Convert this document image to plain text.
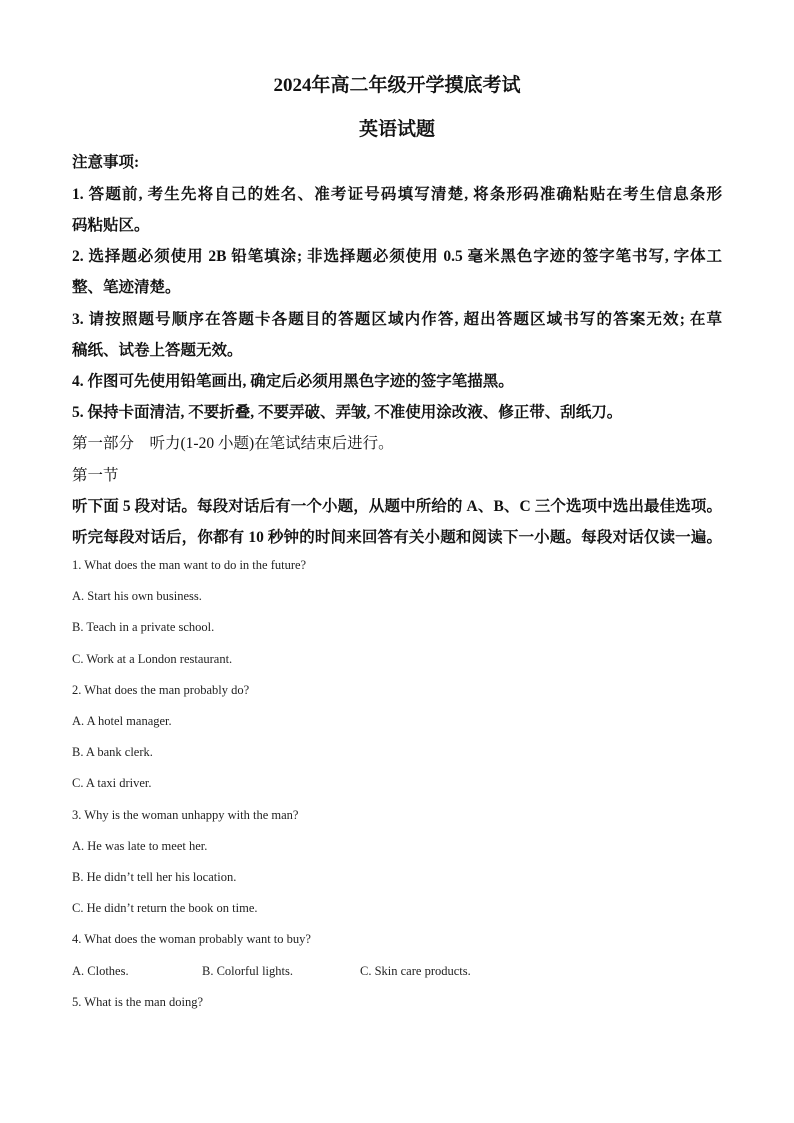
2024年高二年级开学摸底考试
英语试题
注意事项:
1. 答题前, 考生先将自己的姓名、准考证号码填写清楚, 将条形码准确粘贴在考生信息条形
码粘贴区。
2. 选择题必须使用 2B 铅笔填涂; 非选择题必须使用 0.5 毫米黑色字迹的签字笔书写, 字体工
整、笔迹清楚。
3. 请按照题号顺序在答题卡各题目的答题区域内作答, 超出答题区域书写的答案无效; 在草
稿纸、试卷上答题无效。
4. 作图可先使用铅笔画出, 确定后必须用黑色字迹的签字笔描黑。
5. 保持卡面清洁, 不要折叠, 不要弄破、弄皱, 不准使用涂改液、修正带、刮纸刀。
第一部分　听力(1-20 小题)在笔试结束后进行。
第一节
听下面 5 段对话。每段对话后有一个小题，从题中所给的 A、B、C 三个选项中选出最佳选项。
听完每段对话后，你都有 10 秒钟的时间来回答有关小题和阅读下一小题。每段对话仅读一遍。
1. What does the man want to do in the future?
A. Start his own business.
B. Teach in a private school.
C. Work at a London restaurant.
2. What does the man probably do?
A. A hotel manager.
B. A bank clerk.
C. A taxi driver.
3. Why is the woman unhappy with the man?
A. He was late to meet her.
B. He didn’t tell her his location.
C. He didn’t return the book on time.
4. What does the woman probably want to buy?
A. Clothes.	B. Colorful lights.	C. Skin care products.
5. What is the man doing?
